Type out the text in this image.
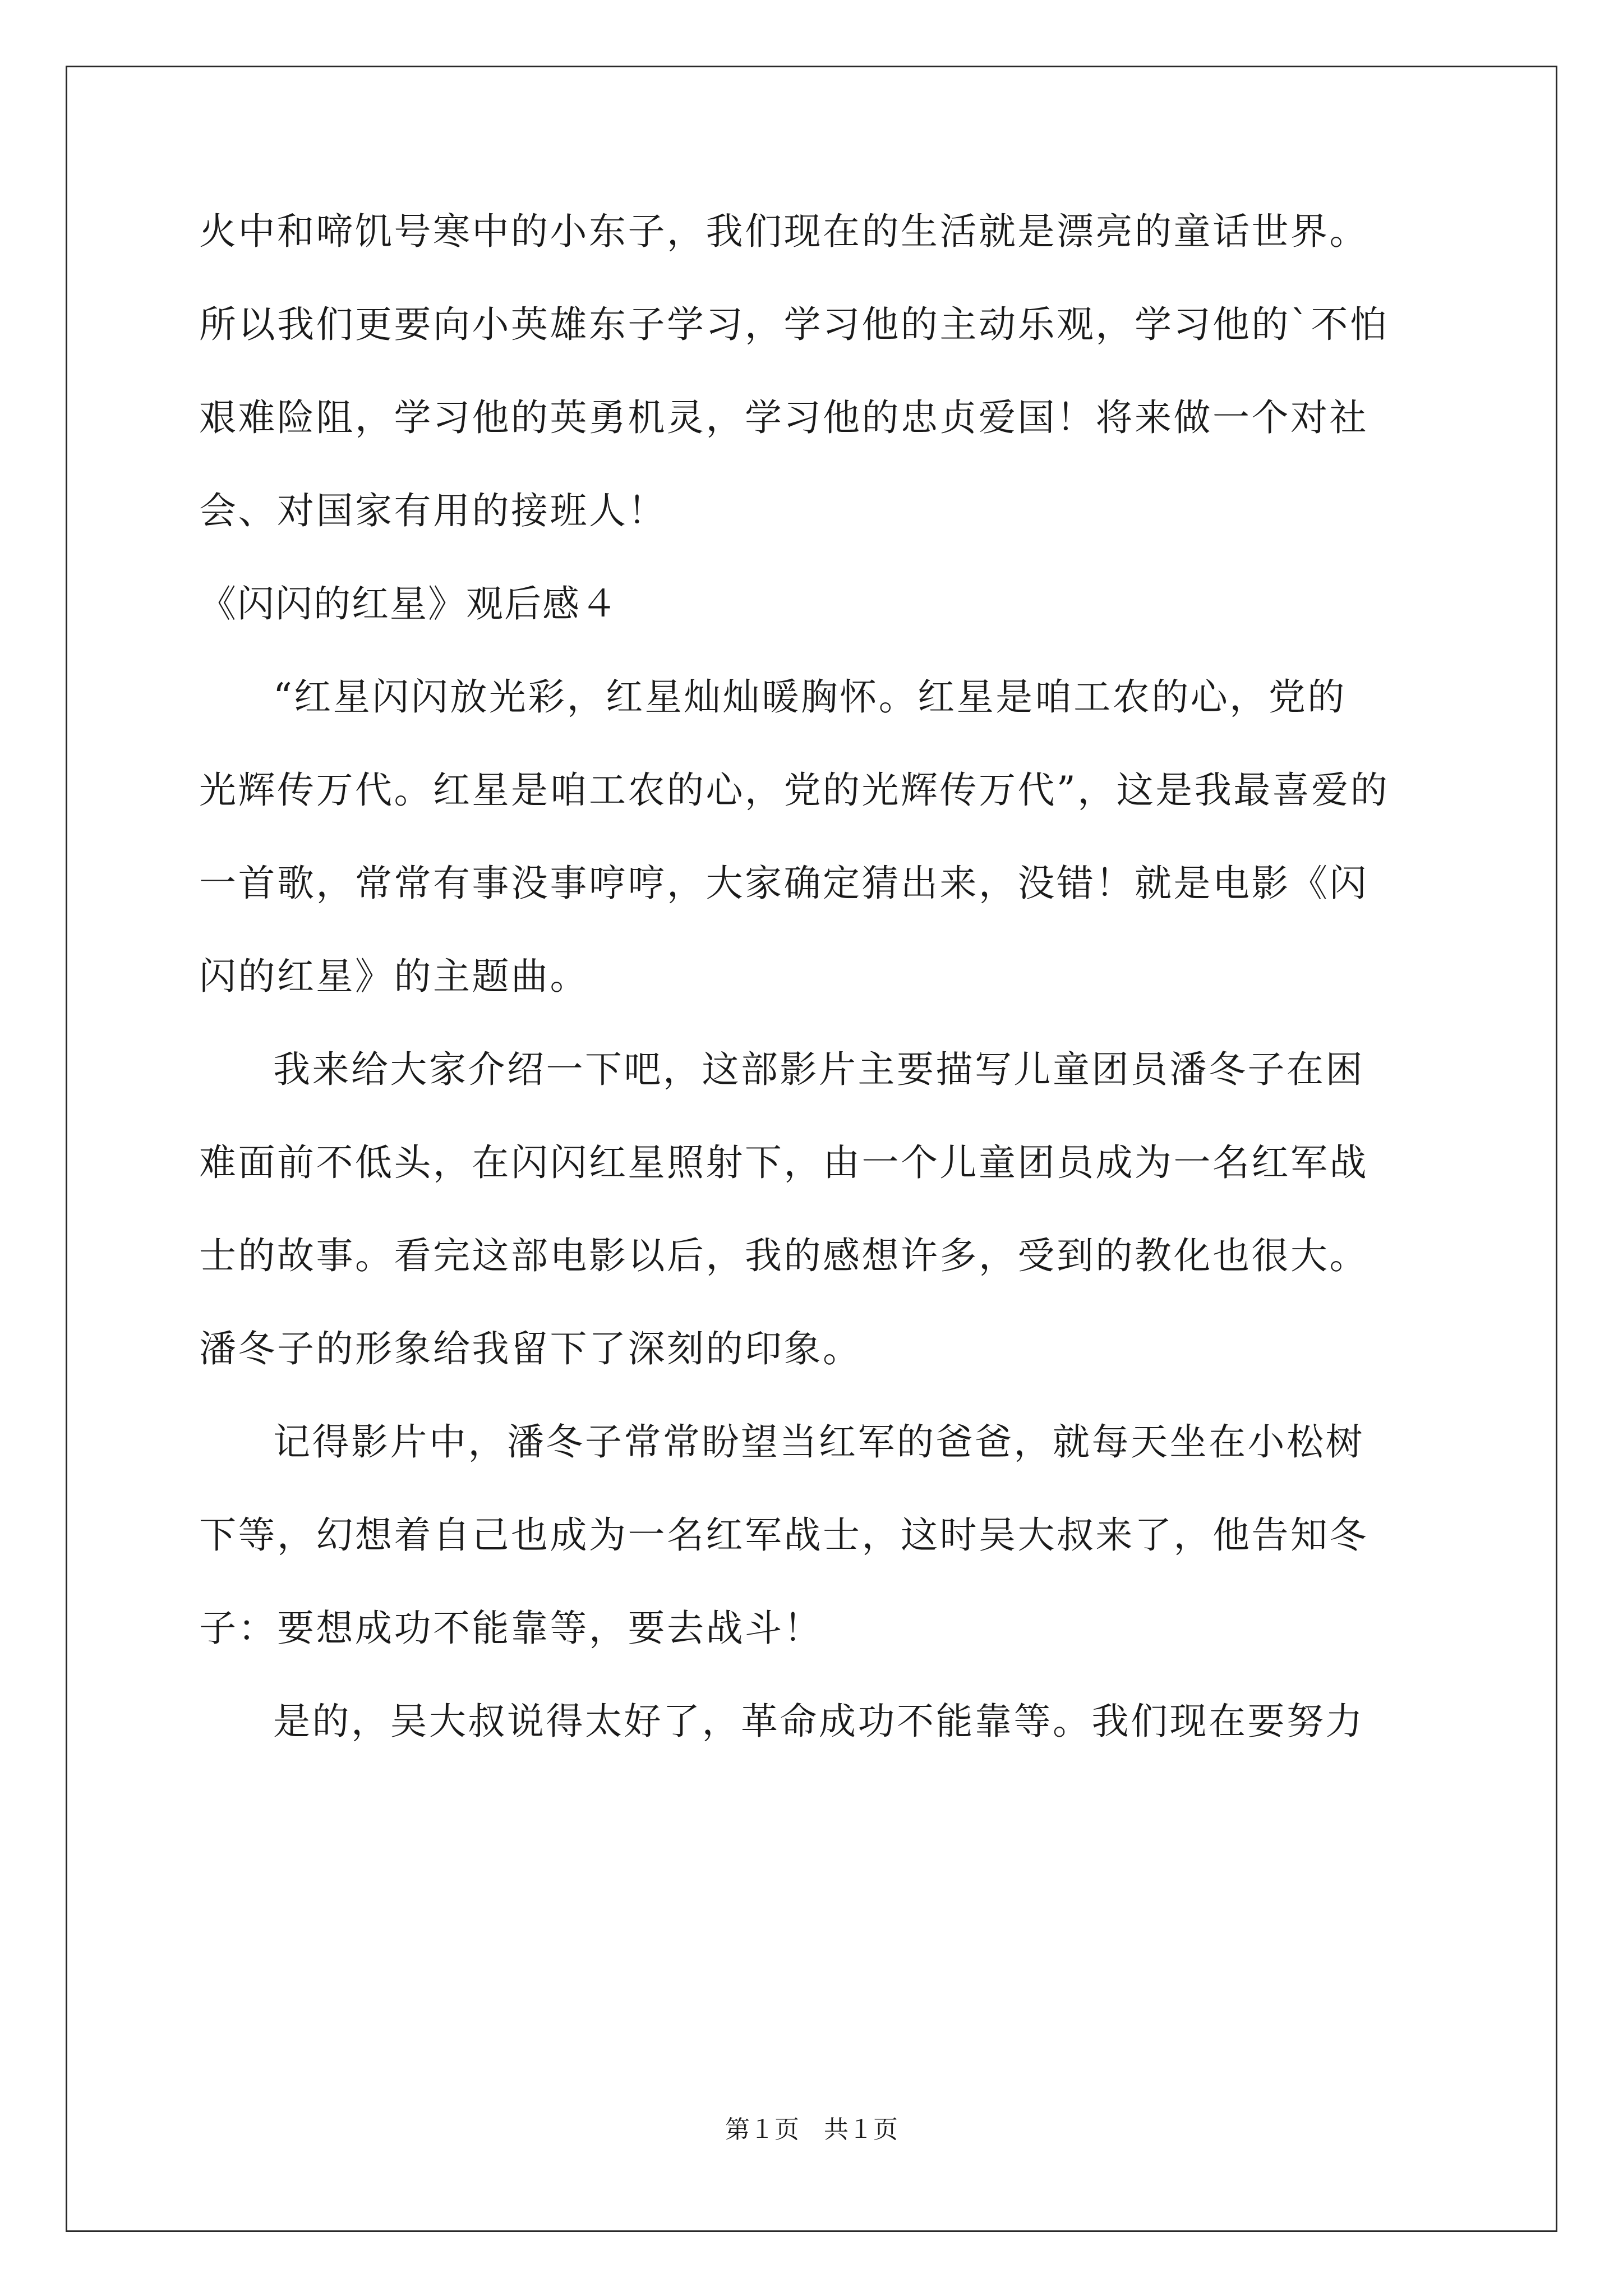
火中和啼饥号寒中的小东子，我们现在的生活就是漂亮的童话世界。
所以我们更要向小英雄东子学习，学习他的主动乐观，学习他的`不怕
艰难险阻，学习他的英勇机灵，学习他的忠贞爱国！将来做一个对社
会、对国家有用的接班人！
《闪闪的红星》观后感４
“红星闪闪放光彩，红星灿灿暖胸怀。红星是咱工农的心，党的
光辉传万代。红星是咱工农的心，党的光辉传万代”，这是我最喜爱的
一首歌，常常有事没事哼哼，大家确定猜出来，没错！就是电影《闪
闪的红星》的主题曲。
我来给大家介绍一下吧，这部影片主要描写儿童团员潘冬子在困
难面前不低头，在闪闪红星照射下，由一个儿童团员成为一名红军战
士的故事。看完这部电影以后，我的感想许多，受到的教化也很大。
潘冬子的形象给我留下了深刻的印象。
记得影片中，潘冬子常常盼望当红军的爸爸，就每天坐在小松树
下等，幻想着自己也成为一名红军战士，这时吴大叔来了，他告知冬
子：要想成功不能靠等，要去战斗！
是的，吴大叔说得太好了，革命成功不能靠等。我们现在要努力
第１页　共１页
